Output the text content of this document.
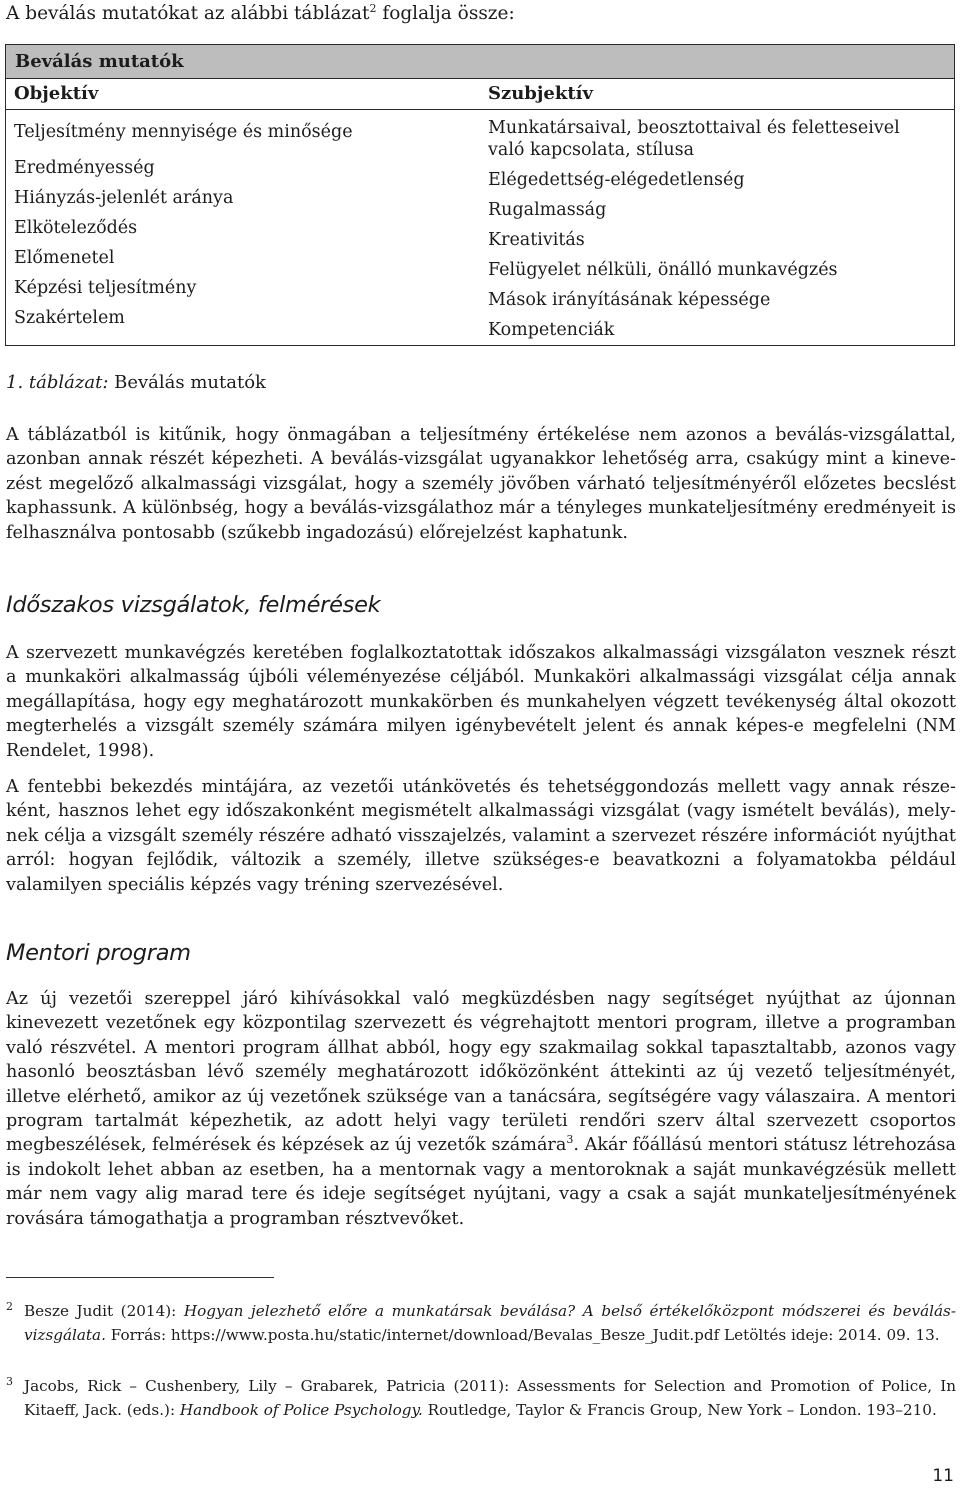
A beválás mutatókat az alábbi táblázat$^2$ foglalja össze:
Beválás mutatók
Objektív
Teljesítmény mennyisége és minősége
Eredményesség
Hiányzás-jelenlét aránya
Elköteleződés
Előmenetel
Képzési teljesítmény
Szakértelem
Szubjektív
Munkatársaival, beosztottaival és feletteseivel
való kapcsolata, stílusa
Elégedettség-elégedetlenség
Rugalmasság
Kreativitás
Felügyelet nélküli, önálló munkavégzés
Mások irányításának képessége
Kompetenciák
1. táblázat: Beválás mutatók

A táblázatból is kitűnik, hogy önmagában a teljesítmény értékelése nem azonos a beválás-vizsgálattal, azonban annak részét képezheti. A beválás-vizsgálat ugyanakkor lehetőség arra, csakúgy mint a kinevezést megelőző alkalmassági vizsgálat, hogy a személy jövőben várható teljesítményéről előzetes becslést kaphassunk. A különbség, hogy a beválás-vizsgálathoz már a tényleges munkateljesítmény eredményeit is felhasználva pontosabb (szűkebb ingadozású) előrejelzést kaphatunk.

Időszakos vizsgálatok, felmérések

A szervezett munkavégzés keretében foglalkoztatottak időszakos alkalmassági vizsgálaton vesznek részt a munkaköri alkalmasság újbóli véleményezése céljából. Munkaköri alkalmassági vizsgálat célja annak megállapítása, hogy egy meghatározott munkakörben és munkahelyen végzett tevékenység által okozott megterhelés a vizsgált személy számára milyen igénybevételt jelent és annak képes-e megfelelni (NM Rendelet, 1998).

A fentebbi bekezdés mintájára, az vezetői utánkövetés és tehetséggondozás mellett vagy annak részeként, hasznos lehet egy időszakonként megismételt alkalmassági vizsgálat (vagy ismételt beválás), melynek célja a vizsgált személy részére adható visszajelzés, valamint a szervezet részére információt nyújthat arról: hogyan fejlődik, változik a személy, illetve szükséges-e beavatkozni a folyamatokba például valamilyen speciális képzés vagy tréning szervezésével.

Mentori program

Az új vezetői szereppel járó kihívásokkal való megküzdésben nagy segítséget nyújthat az újonnan kinevezett vezetőnek egy központilag szervezett és végrehajtott mentori program, illetve a programban való részvétel. A mentori program állhat abból, hogy egy szakmailag sokkal tapasztaltabb, azonos vagy hasonló beosztásban lévő személy meghatározott időközönként áttekinti az új vezető teljesítményét, illetve elérhető, amikor az új vezetőnek szüksége van a tanácsára, segítségére vagy válaszaira. A mentori program tartalmát képezhetik, az adott helyi vagy területi rendőri szerv által szervezett csoportos megbeszélések, felmérések és képzések az új vezetők számára$^3$. Akár főállású mentori státusz létrehozása is indokolt lehet abban az esetben, ha a mentornak vagy a mentoroknak a saját munkavégzésük mellett már nem vagy alig marad tere és ideje segítséget nyújtani, vagy a csak a saját munkateljesítményének rovására támogathatja a programban résztvevőket.

2 Besze Judit (2014): Hogyan jelezhető előre a munkatársak beválása? A belső értékelőközpont módszerei és beválásvizsgálata. Forrás: https://www.posta.hu/static/internet/download/Bevalas_Besze_Judit.pdf Letöltés ideje: 2014. 09. 13.
3 Jacobs, Rick – Cushenbery, Lily – Grabarek, Patricia (2011): Assessments for Selection and Promotion of Police, In Kitaeff, Jack. (eds.): Handbook of Police Psychology. Routledge, Taylor & Francis Group, New York – London. 193–210.
11
